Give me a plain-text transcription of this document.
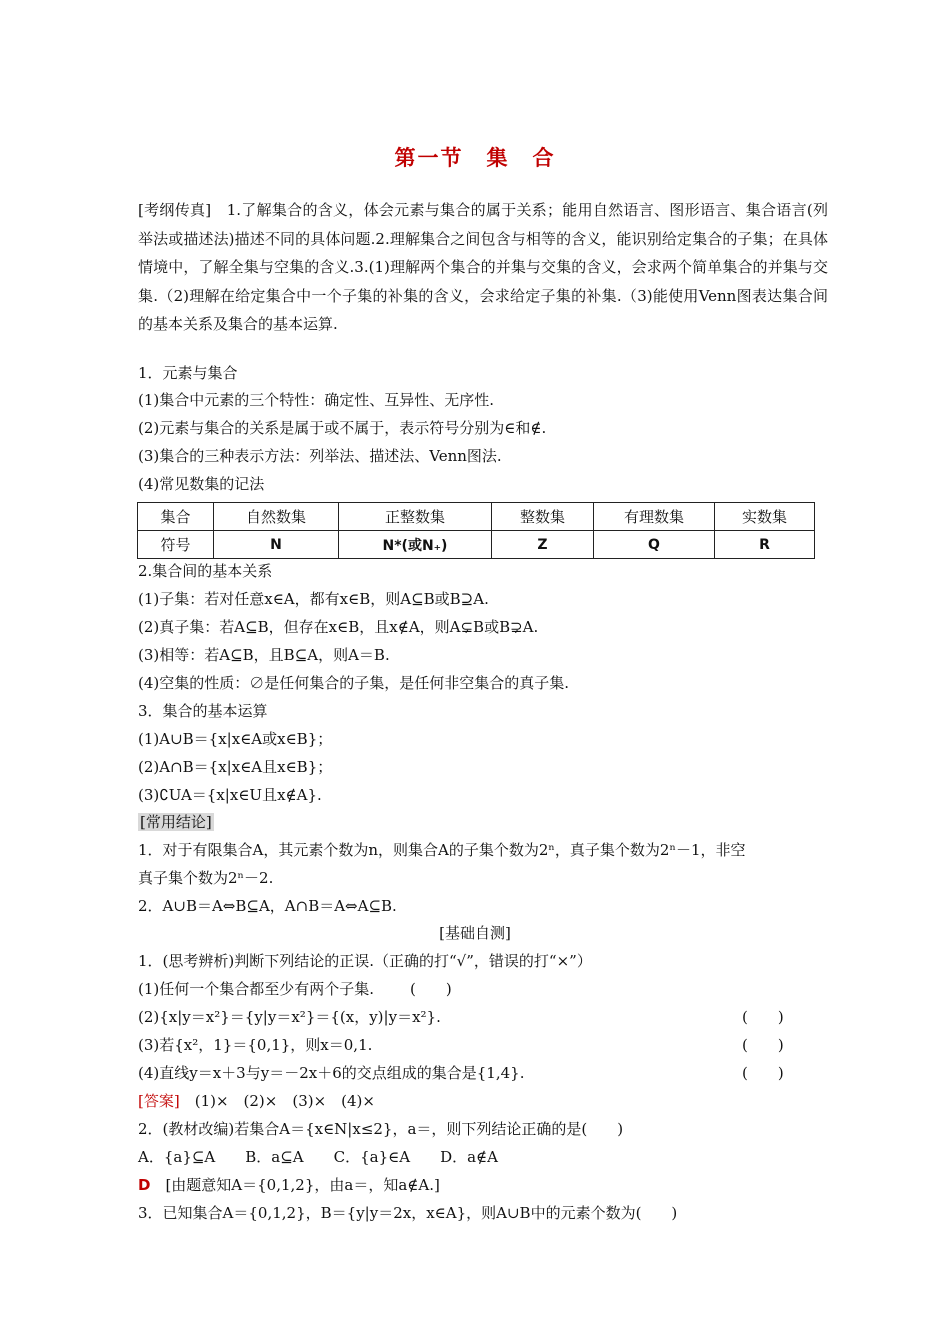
第一节　集　合
[考纲传真]　1.了解集合的含义，体会元素与集合的属于关系；能用自然语言、图形语言、集合语言(列举法或描述法)描述不同的具体问题.2.理解集合之间包含与相等的含义，能识别给定集合的子集；在具体情境中，了解全集与空集的含义.3.(1)理解两个集合的并集与交集的含义，会求两个简单集合的并集与交集.（2)理解在给定集合中一个子集的补集的含义，会求给定子集的补集.（3)能使用Venn图表达集合间的基本关系及集合的基本运算.
1．元素与集合
(1)集合中元素的三个特性：确定性、互异性、无序性.
(2)元素与集合的关系是属于或不属于，表示符号分别为∈和∉.
(3)集合的三种表示方法：列举法、描述法、Venn图法.
(4)常见数集的记法
集合	自然数集	正整数集	整数集	有理数集	实数集
符号	N	N*(或N₊)	Z	Q	R
2.集合间的基本关系
(1)子集：若对任意x∈A，都有x∈B，则A⊆B或B⊇A.
(2)真子集：若A⊆B，但存在x∈B，且x∉A，则A⊊B或B⊋A.
(3)相等：若A⊆B，且B⊆A，则A＝B.
(4)空集的性质：∅是任何集合的子集，是任何非空集合的真子集.
3．集合的基本运算
(1)A∪B＝{x|x∈A或x∈B}；
(2)A∩B＝{x|x∈A且x∈B}；
(3)∁UA＝{x|x∈U且x∉A}.
[常用结论]
1．对于有限集合A，其元素个数为n，则集合A的子集个数为2ⁿ，真子集个数为2ⁿ－1，非空
真子集个数为2ⁿ－2.
2．A∪B＝A⇔B⊆A，A∩B＝A⇔A⊆B.
[基础自测]
1．(思考辨析)判断下列结论的正误.（正确的打“√”，错误的打“×”）
(1)任何一个集合都至少有两个子集. (　　)
(2){x|y＝x²}＝{y|y＝x²}＝{(x，y)|y＝x²}.	(　　)
(3)若{x²，1}＝{0,1}，则x＝0,1.	(　　)
(4)直线y＝x＋3与y＝－2x＋6的交点组成的集合是{1,4}.	(　　)
[答案]　(1)×　(2)×　(3)×　(4)×
2．(教材改编)若集合A＝{x∈N|x≤2}，a＝，则下列结论正确的是(　　)
A．{a}⊆A　　B．a⊆A　　C．{a}∈A　　D．a∉A
D　[由题意知A＝{0,1,2}，由a＝，知a∉A.]
3．已知集合A＝{0,1,2}，B＝{y|y＝2x，x∈A}，则A∪B中的元素个数为(　　)
